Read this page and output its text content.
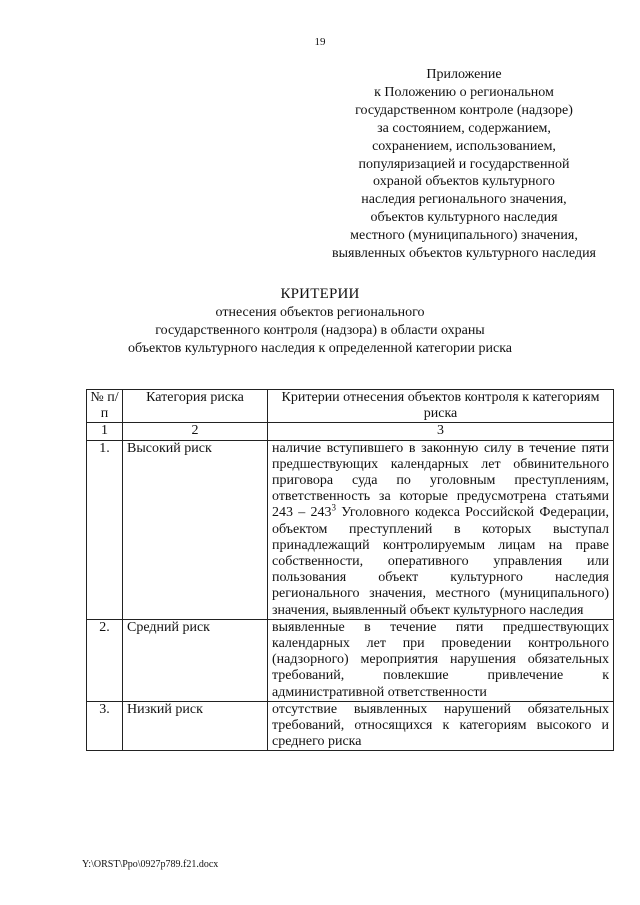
19
Приложение
к Положению о региональном
государственном контроле (надзоре)
за состоянием, содержанием,
сохранением, использованием,
популяризацией и государственной
охраной объектов культурного
наследия регионального значения,
объектов культурного наследия
местного (муниципального) значения,
выявленных объектов культурного наследия
КРИТЕРИИ
отнесения объектов регионального
государственного контроля (надзора) в области охраны
объектов культурного наследия к определенной категории риска
№ п/п	Категория риска	Критерии отнесения объектов контроля к категориям риска
1	2	3
1.	Высокий риск	наличие вступившего в законную силу в течение пяти предшествующих календарных лет обвинительного приговора суда по уголовным преступлениям, ответственность за которые предусмотрена статьями $243 - 243^3$ Уголовного кодекса Российской Федерации, объектом преступлений в которых выступал принадлежащий контролируемым лицам на праве собственности, оперативного управления или пользования объект культурного наследия регионального значения, местного (муниципального) значения, выявленный объект культурного наследия
2.	Средний риск	выявленные в течение пяти предшествующих календарных лет при проведении контрольного (надзорного) мероприятия нарушения обязательных требований, повлекшие привлечение к административной ответственности
3.	Низкий риск	отсутствие выявленных нарушений обязательных требований, относящихся к категориям высокого и среднего риска
Y:\ORST\Ppo\0927p789.f21.docx
